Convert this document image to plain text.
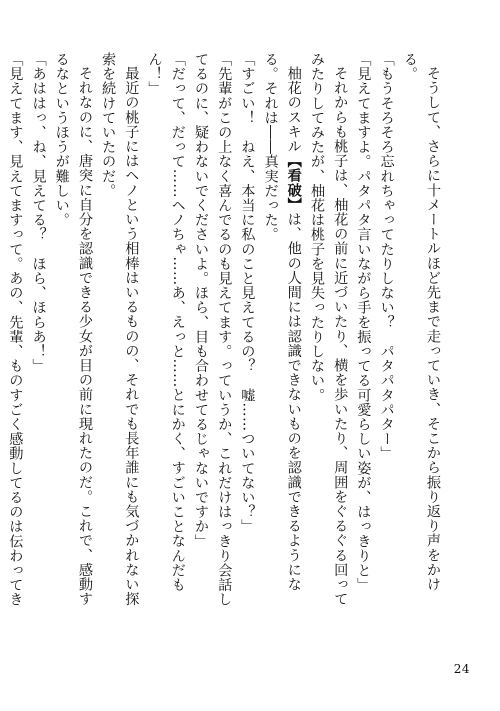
そうして、さらに十メートルほど先まで走っていき、そこから振り返り声をかける。

「もうそろそろ忘れちゃってたりしない？　パタパタパター」

「見えてますよ。パタパタ言いながら手を振ってる可愛らしい姿が、はっきりと」

それからも桃子は、柚花の前に近づいたり、横を歩いたり、周囲をぐるぐる回ってみたりしてみたが、柚花は桃子を見失ったりしない。

柚花のスキル【看破】は、他の人間には認識できないものを認識できるようになる。それは――真実だった。

「すごい！　ねえ、本当に私のこと見えてるの？　嘘……ついてない？」

「先輩がこの上なく喜んでるのも見えてます。っていうか、これだけはっきり会話してるのに、疑わないでくださいよ。ほら、目も合わせてるじゃないですか」

「だって、だって……ヘノちゃ……あ、えっと……とにかく、すごいことなんだもん！」

最近の桃子にはヘノという相棒はいるものの、それでも長年誰にも気づかれない探索を続けていたのだ。

それなのに、唐突に自分を認識できる少女が目の前に現れたのだ。これで、感動するなというほうが難しい。

「あははっ、ね、見えてる？　ほら、ほらあ！」

「見えてます、見えてますって。あの、先輩、ものすごく感動してるのは伝わってき

24
